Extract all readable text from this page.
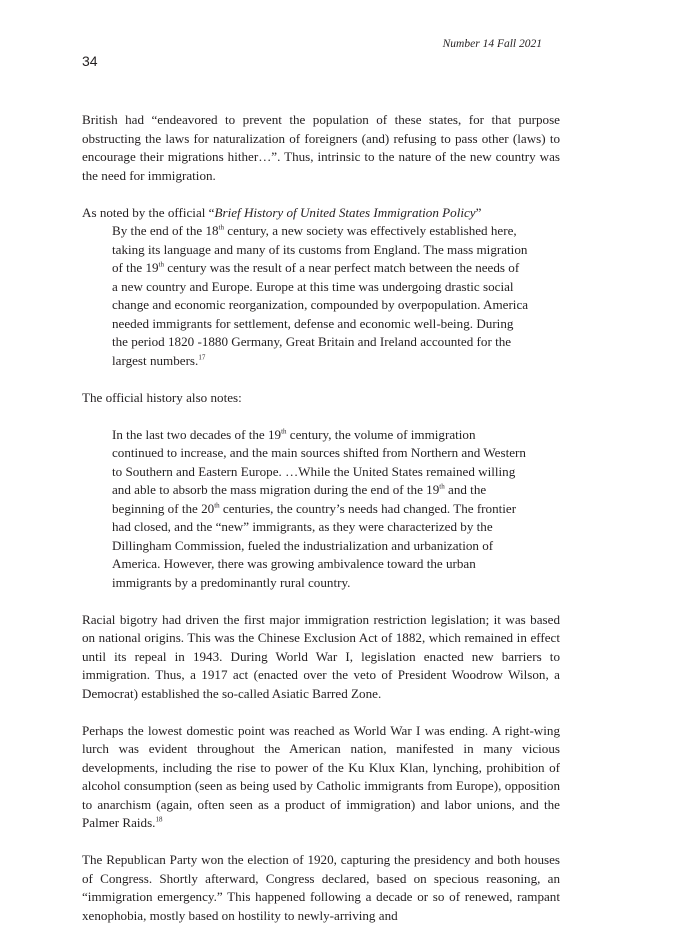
Number 14 Fall 2021
34

British had “endeavored to prevent the population of these states, for that purpose obstructing the laws for naturalization of foreigners (and) refusing to pass other (laws) to encourage their migrations hither…”. Thus, intrinsic to the nature of the new country was the need for immigration.

As noted by the official “Brief History of United States Immigration Policy”

By the end of the 18th century, a new society was effectively established here,
taking its language and many of its customs from England. The mass migration
of the 19th century was the result of a near perfect match between the needs of
a new country and Europe. Europe at this time was undergoing drastic social
change and economic reorganization, compounded by overpopulation. America
needed immigrants for settlement, defense and economic well-being. During
the period 1820 -1880 Germany, Great Britain and Ireland accounted for the
largest numbers.$^{17}$

The official history also notes:

In the last two decades of the 19th century, the volume of immigration
continued to increase, and the main sources shifted from Northern and Western
to Southern and Eastern Europe. …While the United States remained willing
and able to absorb the mass migration during the end of the 19th and the
beginning of the 20th centuries, the country’s needs had changed. The frontier
had closed, and the “new” immigrants, as they were characterized by the
Dillingham Commission, fueled the industrialization and urbanization of
America. However, there was growing ambivalence toward the urban
immigrants by a predominantly rural country.

Racial bigotry had driven the first major immigration restriction legislation; it was based on national origins. This was the Chinese Exclusion Act of 1882, which remained in effect until its repeal in 1943. During World War I, legislation enacted new barriers to immigration. Thus, a 1917 act (enacted over the veto of President Woodrow Wilson, a Democrat) established the so-called Asiatic Barred Zone.

Perhaps the lowest domestic point was reached as World War I was ending. A right-wing lurch was evident throughout the American nation, manifested in many vicious developments, including the rise to power of the Ku Klux Klan, lynching, prohibition of alcohol consumption (seen as being used by Catholic immigrants from Europe), opposition to anarchism (again, often seen as a product of immigration) and labor unions, and the Palmer Raids.$^{18}$

The Republican Party won the election of 1920, capturing the presidency and both houses of Congress. Shortly afterward, Congress declared, based on specious reasoning, an “immigration emergency.” This happened following a decade or so of renewed, rampant xenophobia, mostly based on hostility to newly-arriving and
